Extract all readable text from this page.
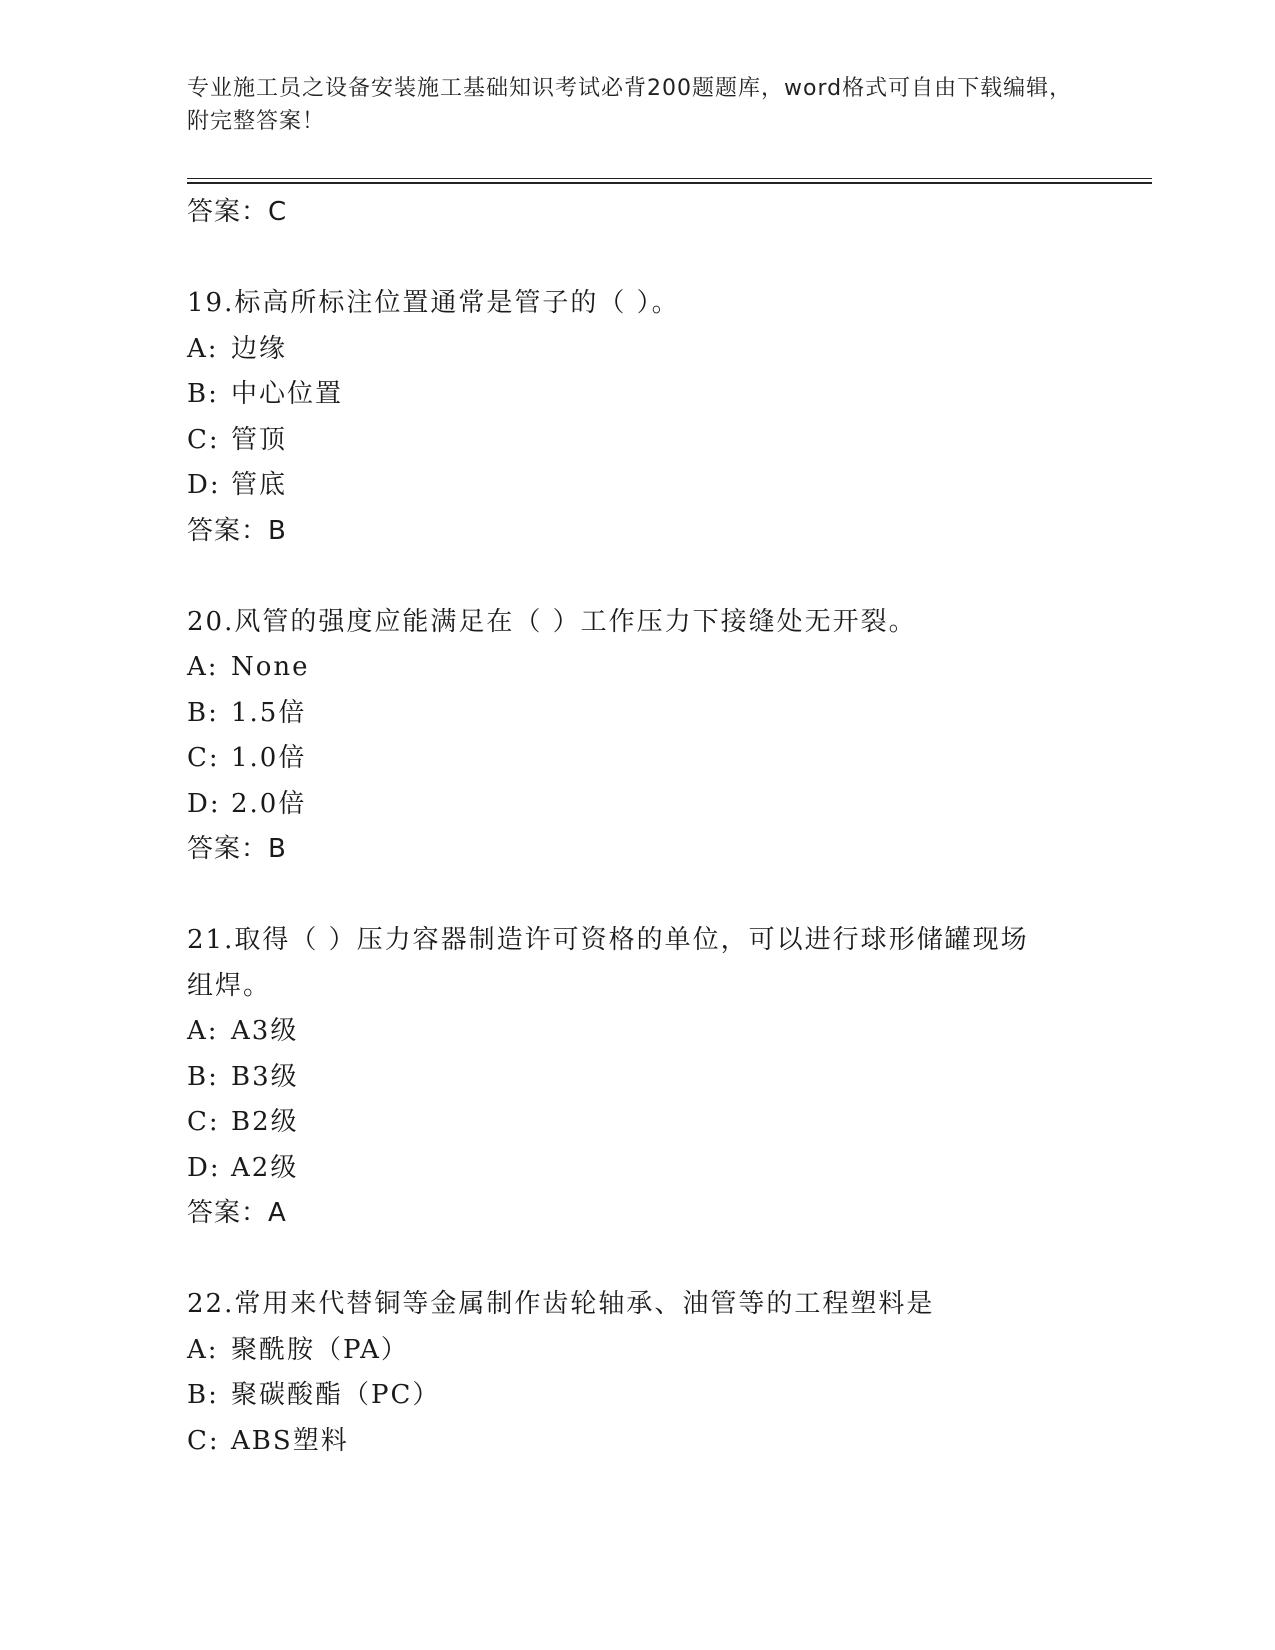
专业施工员之设备安装施工基础知识考试必背200题题库，word格式可自由下载编辑，附完整答案！
答案：C
19.标高所标注位置通常是管子的（ ）。
A: 边缘
B: 中心位置
C: 管顶
D: 管底
答案：B
20.风管的强度应能满足在（ ）工作压力下接缝处无开裂。
A: None
B: 1.5倍
C: 1.0倍
D: 2.0倍
答案：B
21.取得（ ）压力容器制造许可资格的单位，可以进行球形储罐现场
组焊。
A: A3级
B: B3级
C: B2级
D: A2级
答案：A
22.常用来代替铜等金属制作齿轮轴承、油管等的工程塑料是
A: 聚酰胺（PA）
B: 聚碳酸酯（PC）
C: ABS塑料
